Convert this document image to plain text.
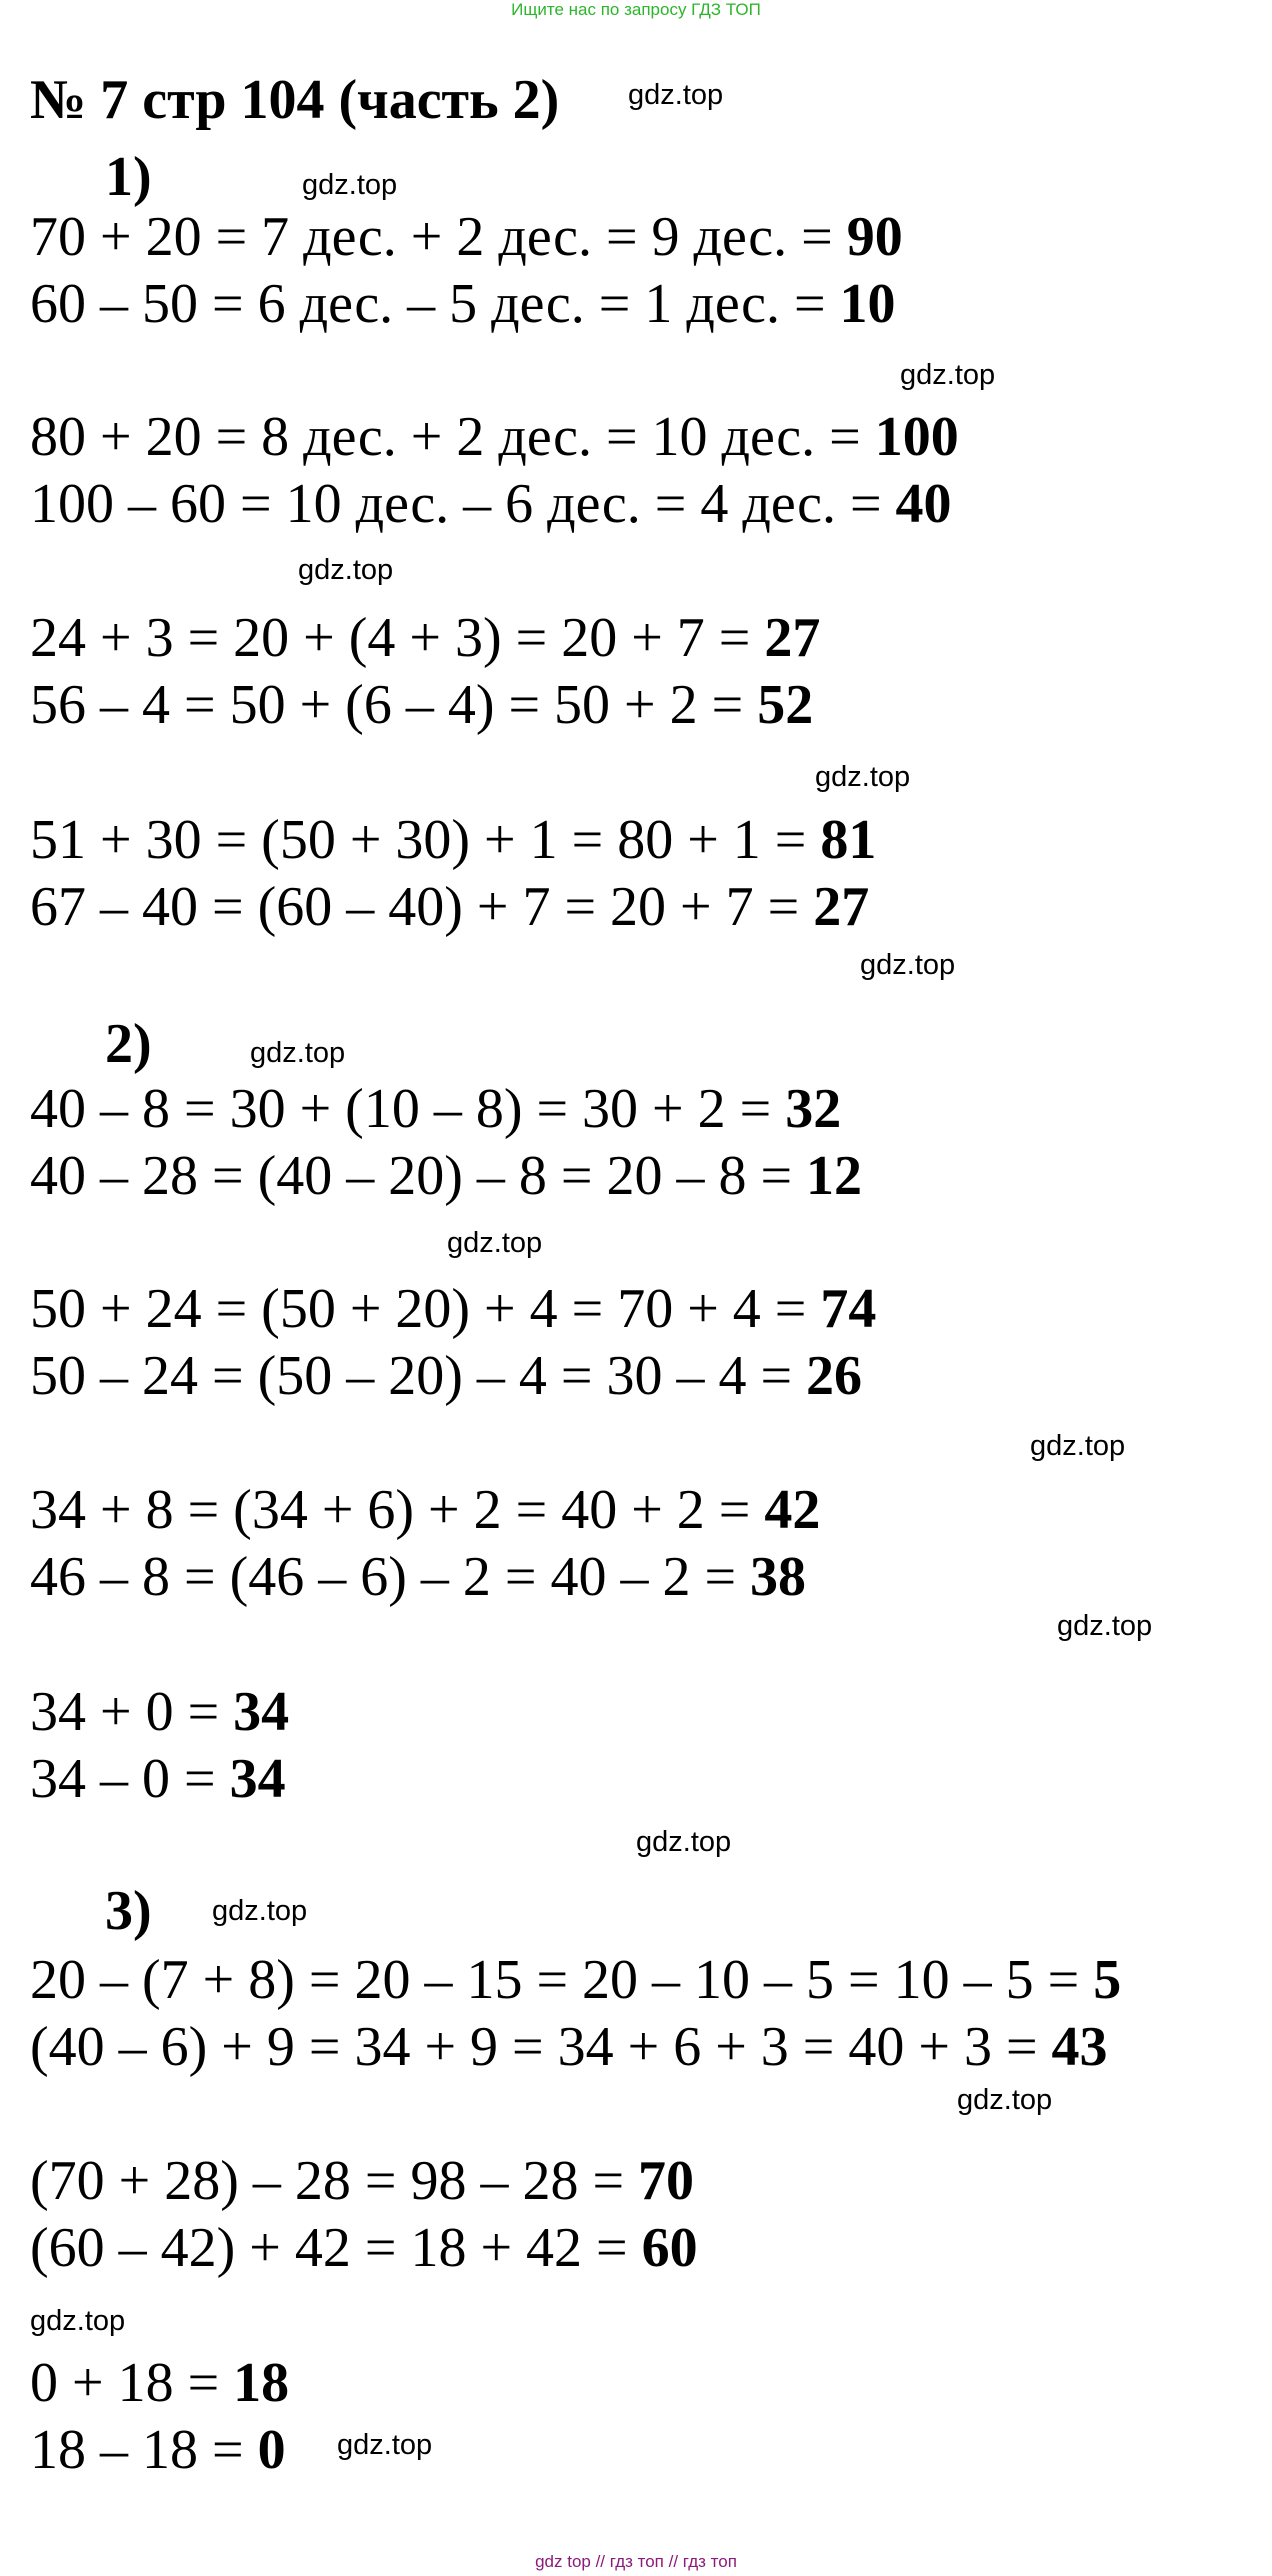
Ищите нас по запросу ГДЗ ТОП
№ 7 стр 104 (часть 2) gdz.top
1)	gdz.top
70 + 20 = 7 дес. + 2 дес. = 9 дес. = 90
60 – 50 = 6 дес. – 5 дес. = 1 дес. = 10
gdz.top
80 + 20 = 8 дес. + 2 дес. = 10 дес. = 100
100 – 60 = 10 дес. – 6 дес. = 4 дес. = 40
gdz.top
24 + 3 = 20 + (4 + 3) = 20 + 7 = 27
56 – 4 = 50 + (6 – 4) = 50 + 2 = 52
gdz.top
51 + 30 = (50 + 30) + 1 = 80 + 1 = 81
67 – 40 = (60 – 40) + 7 = 20 + 7 = 27
gdz.top
2)	gdz.top
40 – 8 = 30 + (10 – 8) = 30 + 2 = 32
40 – 28 = (40 – 20) – 8 = 20 – 8 = 12
gdz.top
50 + 24 = (50 + 20) + 4 = 70 + 4 = 74
50 – 24 = (50 – 20) – 4 = 30 – 4 = 26
gdz.top
34 + 8 = (34 + 6) + 2 = 40 + 2 = 42
46 – 8 = (46 – 6) – 2 = 40 – 2 = 38
gdz.top
34 + 0 = 34
34 – 0 = 34
gdz.top
3) gdz.top
20 – (7 + 8) = 20 – 15 = 20 – 10 – 5 = 10 – 5 = 5
(40 – 6) + 9 = 34 + 9 = 34 + 6 + 3 = 40 + 3 = 43
gdz.top
(70 + 28) – 28 = 98 – 28 = 70
(60 – 42) + 42 = 18 + 42 = 60
gdz.top
0 + 18 = 18
18 – 18 = 0 gdz.top
gdz top // гдз топ // гдз топ
